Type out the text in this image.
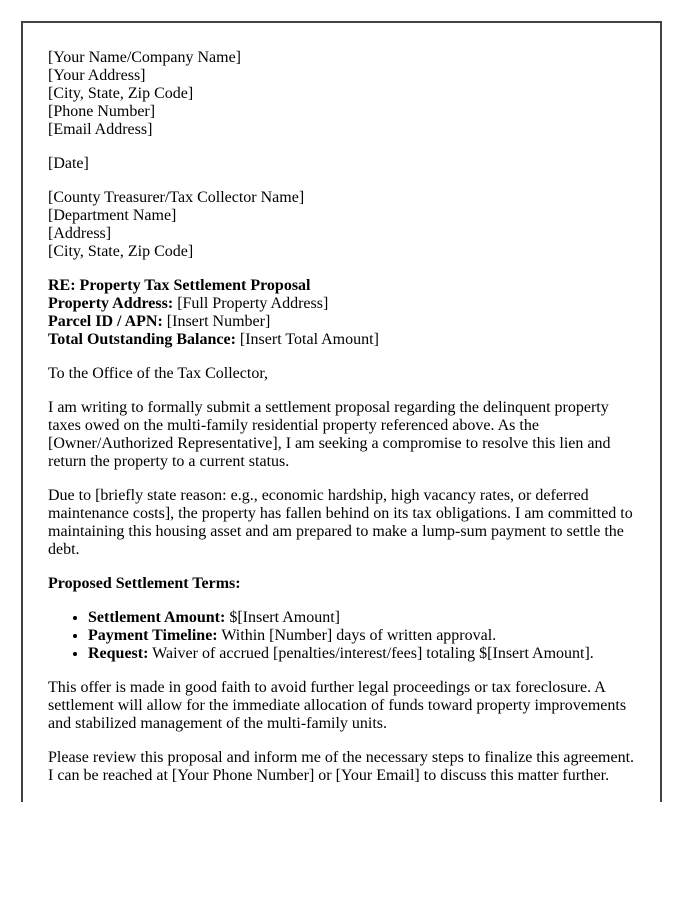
[Your Name/Company Name]
[Your Address]
[City, State, Zip Code]
[Phone Number]
[Email Address]

[Date]

[County Treasurer/Tax Collector Name]
[Department Name]
[Address]
[City, State, Zip Code]

RE: Property Tax Settlement Proposal
Property Address: [Full Property Address]
Parcel ID / APN: [Insert Number]
Total Outstanding Balance: [Insert Total Amount]

To the Office of the Tax Collector,

I am writing to formally submit a settlement proposal regarding the delinquent property taxes owed on the multi-family residential property referenced above. As the [Owner/Authorized Representative], I am seeking a compromise to resolve this lien and return the property to a current status.

Due to [briefly state reason: e.g., economic hardship, high vacancy rates, or deferred maintenance costs], the property has fallen behind on its tax obligations. I am committed to maintaining this housing asset and am prepared to make a lump-sum payment to settle the debt.

Proposed Settlement Terms:

• Settlement Amount: $[Insert Amount]
• Payment Timeline: Within [Number] days of written approval.
• Request: Waiver of accrued [penalties/interest/fees] totaling $[Insert Amount].

This offer is made in good faith to avoid further legal proceedings or tax foreclosure. A settlement will allow for the immediate allocation of funds toward property improvements and stabilized management of the multi-family units.

Please review this proposal and inform me of the necessary steps to finalize this agreement. I can be reached at [Your Phone Number] or [Your Email] to discuss this matter further.
